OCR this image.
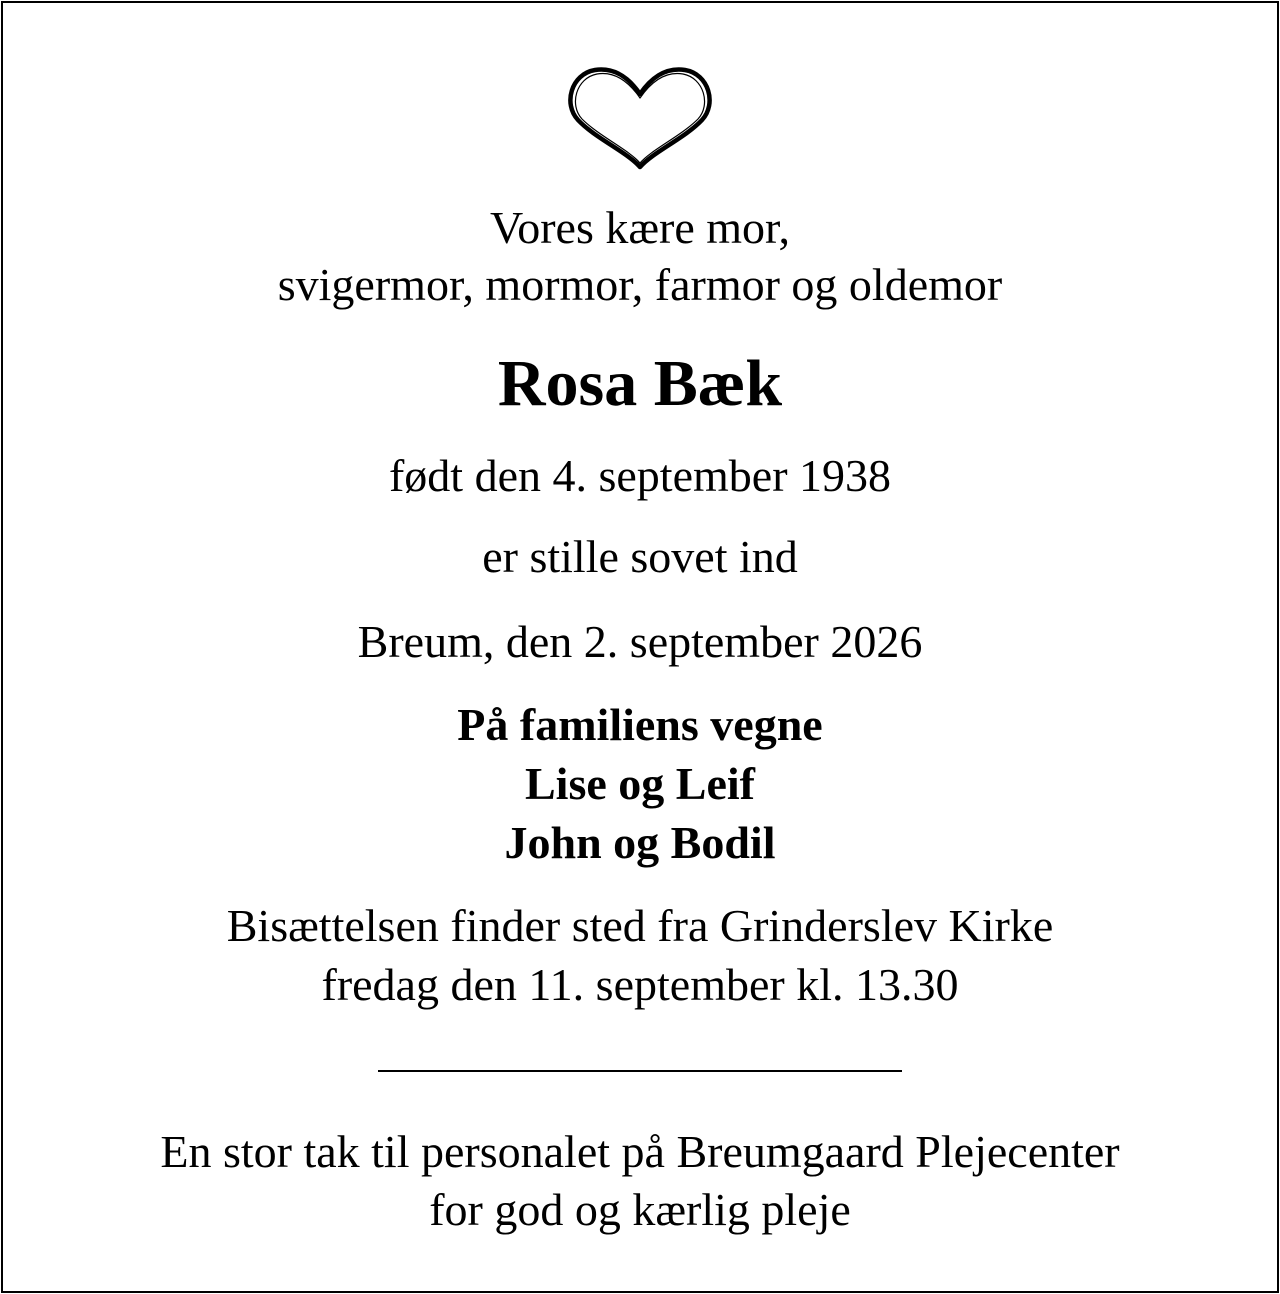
Vores kære mor,
svigermor, mormor, farmor og oldemor
Rosa Bæk
født den 4. september 1938
er stille sovet ind
Breum, den 2. september 2026
På familiens vegne
Lise og Leif
John og Bodil
Bisættelsen finder sted fra Grinderslev Kirke
fredag den 11. september kl. 13.30
En stor tak til personalet på Breumgaard Plejecenter
for god og kærlig pleje
